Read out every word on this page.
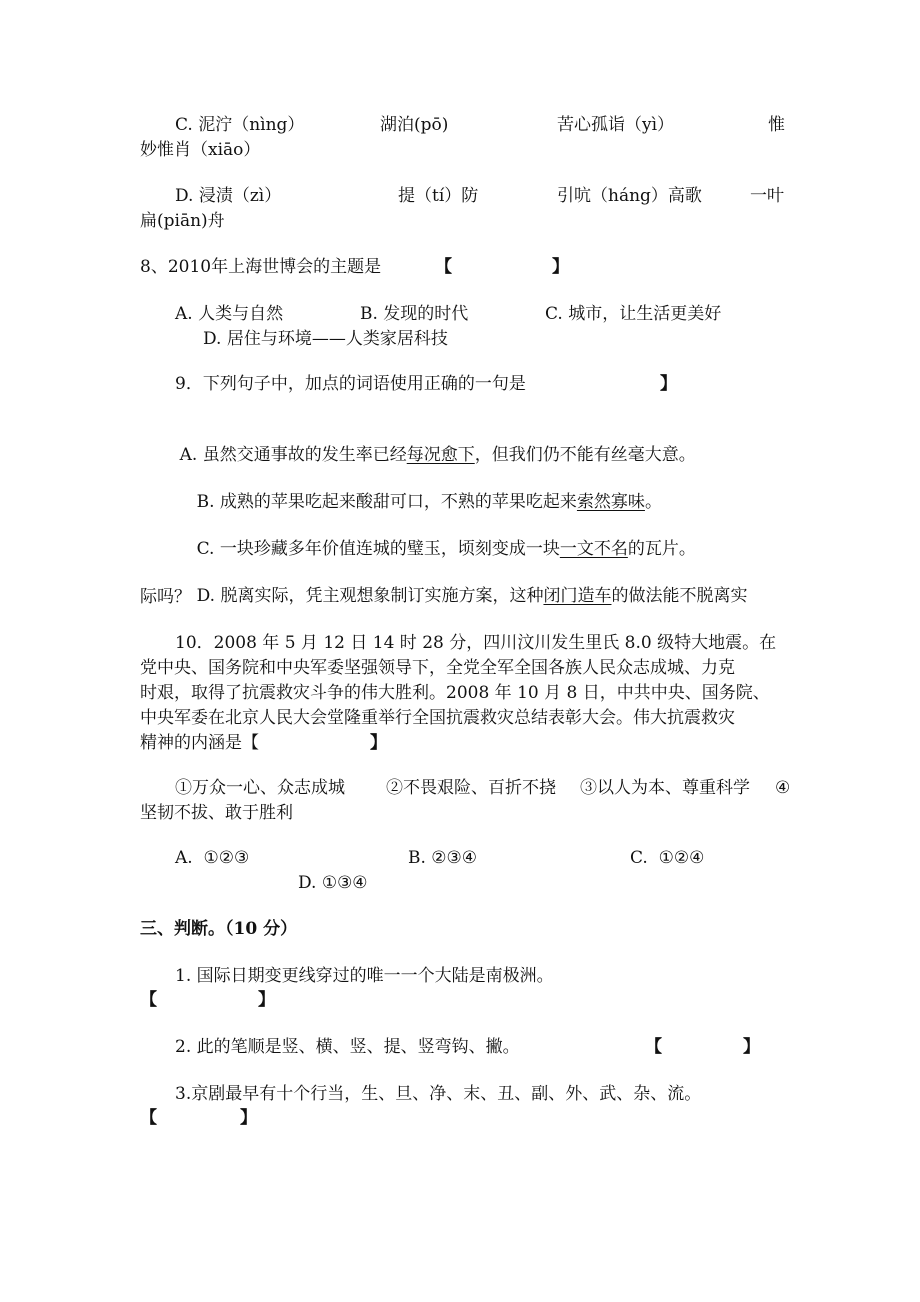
C. 泥泞（nìng）	湖泊(pō)	苦心孤诣（yì）	惟
妙惟肖（xiāo）
D. 浸渍（zì）	提（tí）防	引吭（háng）高歌	一叶
扁(piān)舟
8、2010年上海世博会的主题是	【	】
A. 人类与自然	B. 发现的时代	C. 城市，让生活更美好
D. 居住与环境——人类家居科技
9．下列句子中，加点的词语使用正确的一句是	】

A. 虽然交通事故的发生率已经每况愈下，但我们仍不能有丝毫大意。

B. 成熟的苹果吃起来酸甜可口，不熟的苹果吃起来索然寡味。

C. 一块珍藏多年价值连城的璧玉，顷刻变成一块一文不名的瓦片。

D. 脱离实际，凭主观想象制订实施方案，这种闭门造车的做法能不脱离实

际吗？
10．2008 年 5 月 12 日 14 时 28 分，四川汶川发生里氏 8.0 级特大地震。在
党中央、国务院和中央军委坚强领导下，全党全军全国各族人民众志成城、力克
时艰，取得了抗震救灾斗争的伟大胜利。2008 年 10 月 8 日，中共中央、国务院、
中央军委在北京人民大会堂隆重举行全国抗震救灾总结表彰大会。伟大抗震救灾
精神的内涵是【	】
①万众一心、众志成城 ②不畏艰险、百折不挠 ③以人为本、尊重科学 ④
坚韧不拔、敢于胜利
A.  ①②③	B. ②③④	C.  ①②④
D. ①③④
三、判断。（10 分）
1. 国际日期变更线穿过的唯一一个大陆是南极洲。
【	】
2. 此的笔顺是竖、横、竖、提、竖弯钩、撇。	【	】
3.京剧最早有十个行当，生、旦、净、末、丑、副、外、武、杂、流。
【	】
